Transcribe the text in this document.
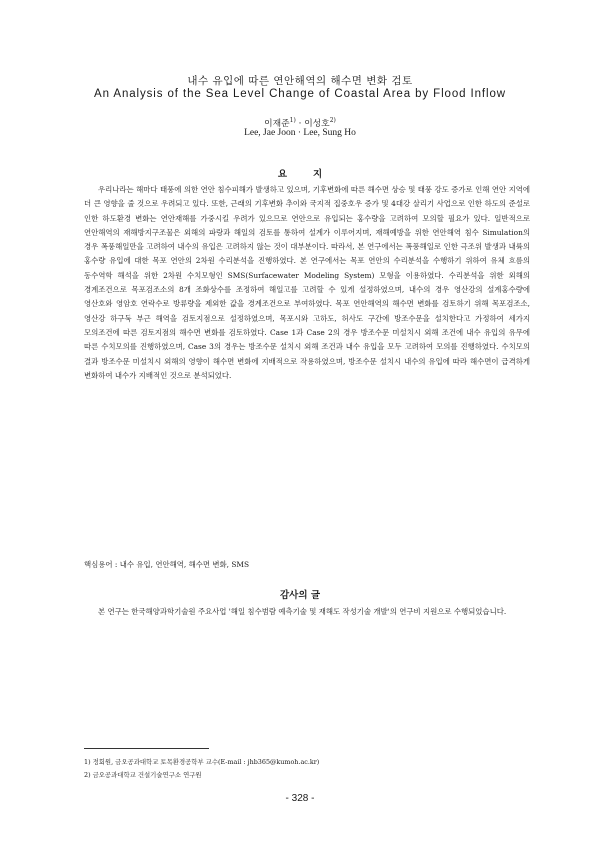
내수 유입에 따른 연안해역의 해수면 변화 검토
An Analysis of the Sea Level Change of Coastal Area by Flood Inflow
이재준$^{1)}$ · 이성호$^{2)}$
Lee, Jae Joon · Lee, Sung Ho
요지
우리나라는 해마다 태풍에 의한 연안 침수피해가 발생하고 있으며, 기후변화에 따른 해수면 상승 및 태풍 강도 증가로 인해 연안 지역에 더 큰 영향을 줄 것으로 우려되고 있다. 또한, 근래의 기후변화 추이와 국지적 집중호우 증가 및 4대강 살리기 사업으로 인한 하도의 준설로 인한 하도환경 변화는 연안재해를 가중시킬 우려가 있으므로 연안으로 유입되는 홍수량을 고려하여 모의할 필요가 있다. 일반적으로 연안해역의 재해방지구조물은 외해의 파랑과 해일의 검토를 통하여 설계가 이루어지며, 재해예방을 위한 연안해역 침수 Simulation의 경우 폭풍해일만을 고려하여 내수의 유입은 고려하지 않는 것이 대부분이다. 따라서, 본 연구에서는 폭풍해일로 인한 극조위 발생과 내륙의 홍수량 유입에 대한 목포 연안의 2차원 수리분석을 진행하였다. 본 연구에서는 목포 연안의 수리분석을 수행하기 위하여 유체 흐름의 동수역학 해석을 위한 2차원 수치모형인 SMS(Surfacewater Modeling System) 모형을 이용하였다. 수리분석을 위한 외해의 경계조건으로 목포검조소의 8개 조화상수를 조정하여 해일고를 고려할 수 있게 설정하였으며, 내수의 경우 영산강의 설계홍수량에 영산호와 영암호 연락수로 방류량을 제외한 값을 경계조건으로 부여하였다. 목포 연안해역의 해수면 변화를 검토하기 위해 목포검조소, 영산강 하구둑 부근 해역을 검토지점으로 설정하였으며, 목포시와 고하도, 허사도 구간에 방조수문을 설치한다고 가정하여 세가지 모의조건에 따른 검토지점의 해수면 변화를 검토하였다. Case 1과 Case 2의 경우 방조수문 미설치시 외해 조건에 내수 유입의 유무에 따른 수치모의를 진행하였으며, Case 3의 경우는 방조수문 설치시 외해 조건과 내수 유입을 모두 고려하여 모의를 진행하였다. 수치모의 결과 방조수문 미설치시 외해의 영향이 해수면 변화에 지배적으로 작용하였으며, 방조수문 설치시 내수의 유입에 따라 해수면이 급격하게 변화하여 내수가 지배적인 것으로 분석되었다.
핵심용어 : 내수 유입, 연안해역, 해수면 변화, SMS
감사의 글
본 연구는 한국해양과학기술원 주요사업 '해일 침수범람 예측기술 및 재해도 작성기술 개발'의 연구비 지원으로 수행되었습니다.
1) 정회원, 금오공과대학교 토목환경공학부 교수(E-mail : jhb365@kumoh.ac.kr)
2) 금오공과대학교 건설기술연구소 연구원
- 328 -
